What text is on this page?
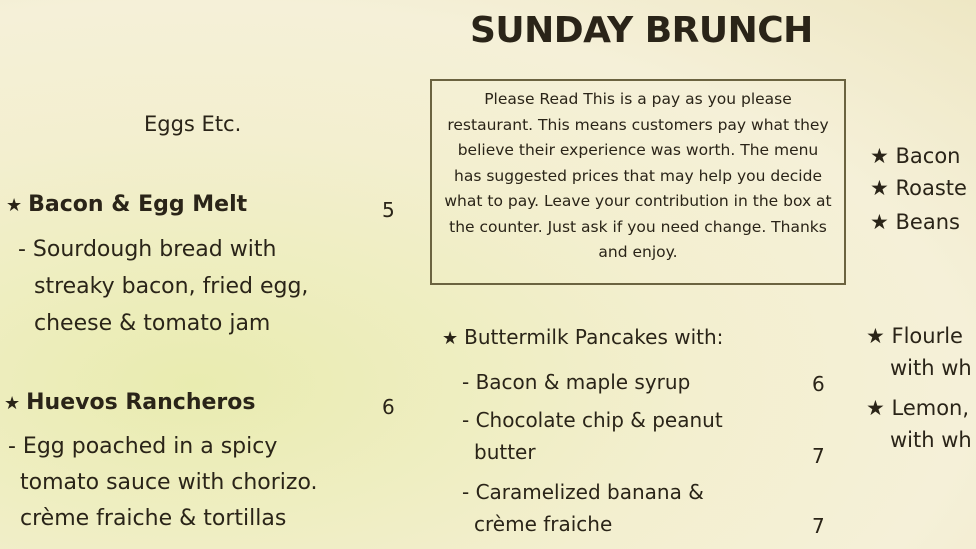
SUNDAY BRUNCH
Please Read This is a pay as you please restaurant. This means customers pay what they believe their experience was worth. The menu has suggested prices that may help you decide what to pay. Leave your contribution in the box at the counter. Just ask if you need change. Thanks and enjoy.
Eggs Etc.
★ Bacon & Egg Melt	5
- Sourdough bread with
streaky bacon, fried egg,
cheese & tomato jam
★ Huevos Rancheros	6
- Egg poached in a spicy
tomato sauce with chorizo.
crème fraiche & tortillas
★ Buttermilk Pancakes with:
- Bacon & maple syrup	6
- Chocolate chip & peanut
butter	7
- Caramelized banana &
crème fraiche	7
★ Bacon
★ Roaste
★ Beans
★ Flourle
with wh
★ Lemon,
with wh
